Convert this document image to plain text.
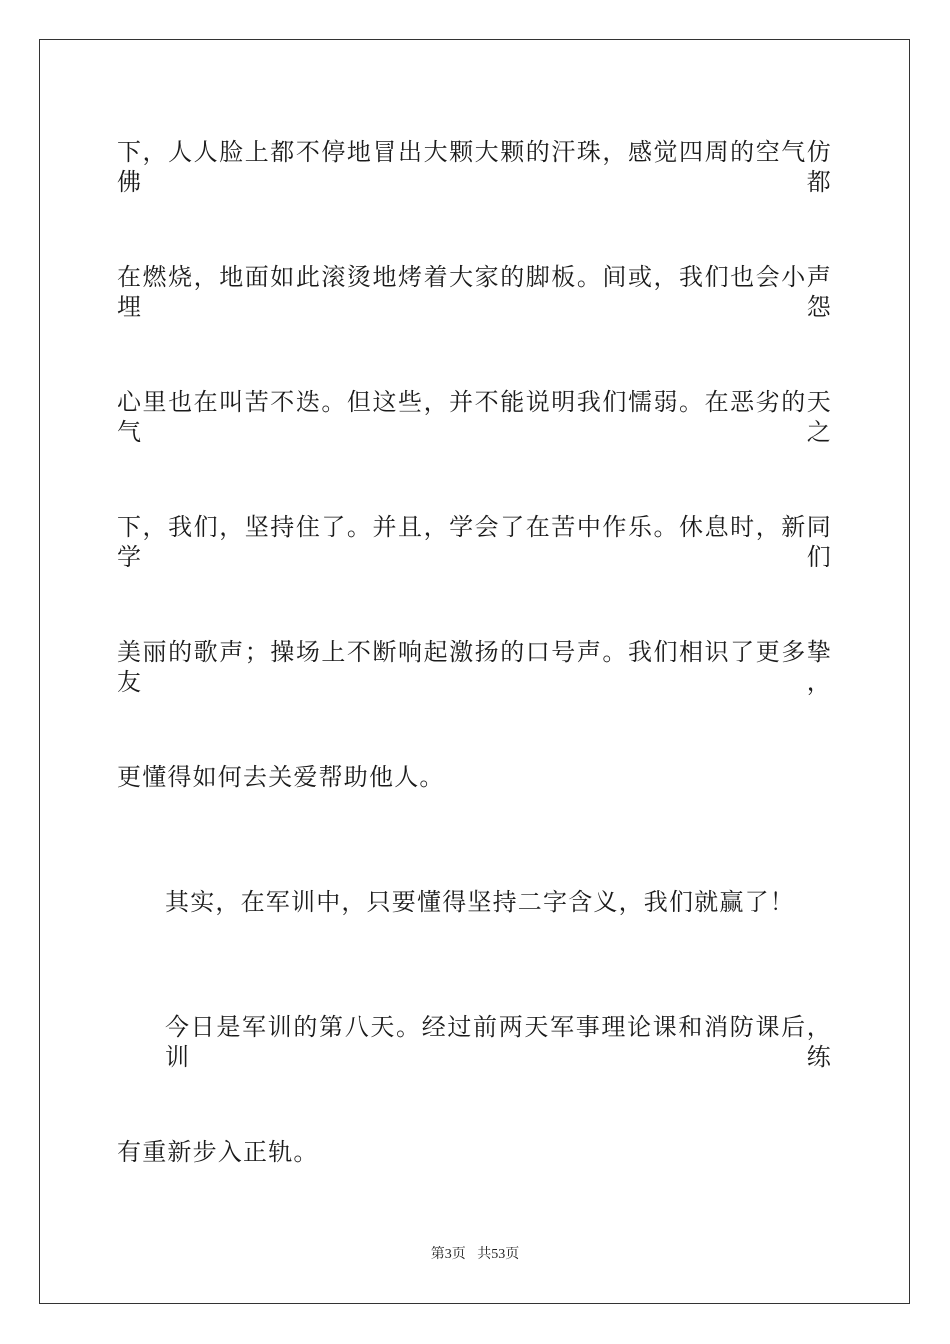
下，人人脸上都不停地冒出大颗大颗的汗珠，感觉四周的空气仿佛都
在燃烧，地面如此滚烫地烤着大家的脚板。间或，我们也会小声埋怨
心里也在叫苦不迭。但这些，并不能说明我们懦弱。在恶劣的天气之
下，我们，坚持住了。并且，学会了在苦中作乐。休息时，新同学们
美丽的歌声；操场上不断响起激扬的口号声。我们相识了更多挚友，
更懂得如何去关爱帮助他人。
其实，在军训中，只要懂得坚持二字含义，我们就赢了！
今日是军训的第八天。经过前两天军事理论课和消防课后，训练
有重新步入正轨。
第3页 共53页
